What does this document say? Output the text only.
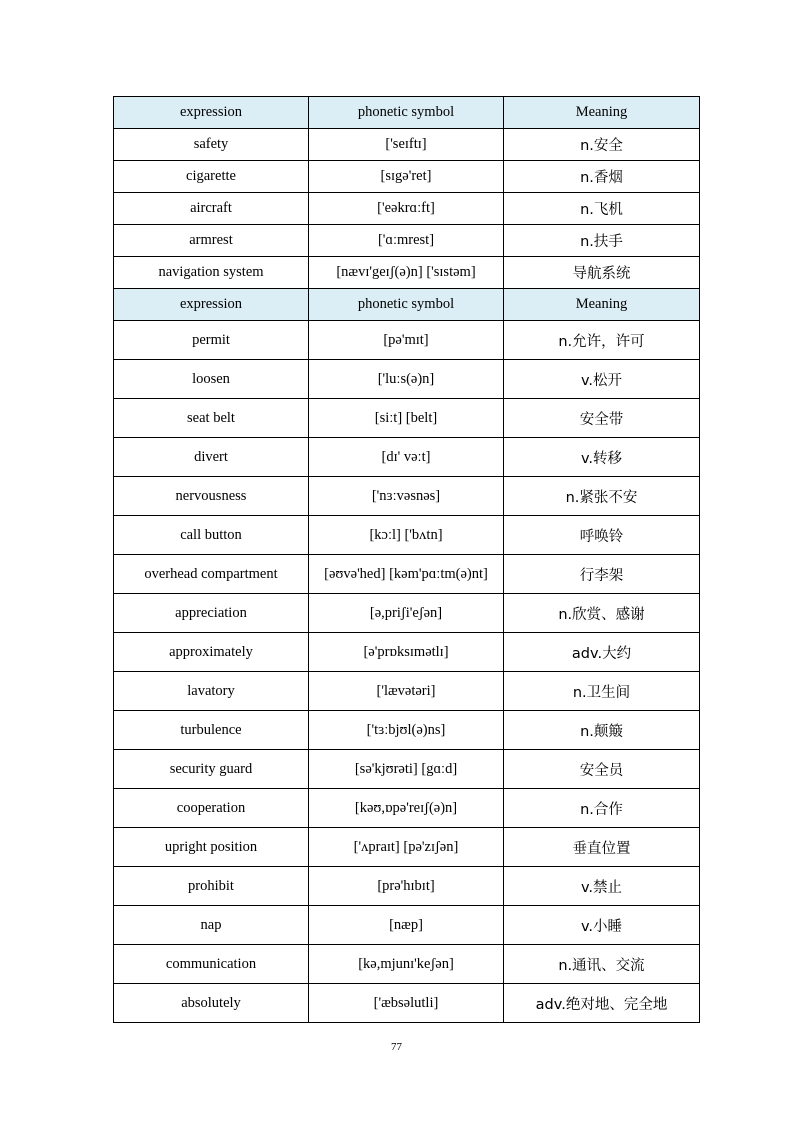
expression	phonetic symbol	Meaning
safety	['seɪftɪ]	n.安全
cigarette	[sɪgə'ret]	n.香烟
aircraft	['eəkrɑːft]	n.飞机
armrest	['ɑːmrest]	n.扶手
navigation system	[nævɪ'geɪʃ(ə)n] ['sɪstəm]	导航系统
expression	phonetic symbol	Meaning
permit	[pə'mɪt]	n.允许，许可
loosen	['luːs(ə)n]	v.松开
seat belt	[siːt] [belt]	安全带
divert	[dɪ' vəːt]	v.转移
nervousness	['nɜːvəsnəs]	n.紧张不安
call button	[kɔːl] ['bʌtn]	呼唤铃
overhead compartment	[əʊvə'hed] [kəm'pɑːtm(ə)nt]	行李架
appreciation	[ə,priʃi'eʃən]	n.欣赏、感谢
approximately	[ə'prɒksɪmətlɪ]	adv.大约
lavatory	['lævətəri]	n.卫生间
turbulence	['tɜːbjʊl(ə)ns]	n.颠簸
security guard	[sə'kjʊrəti] [gɑːd]	安全员
cooperation	[kəʊ,ɒpə'reɪʃ(ə)n]	n.合作
upright position	['ʌpraɪt] [pə'zɪʃən]	垂直位置
prohibit	[prə'hɪbɪt]	v.禁止
nap	[næp]	v.小睡
communication	[kə,mjunɪ'keʃən]	n.通讯、交流
absolutely	['æbsəlutli]	adv.绝对地、完全地
77
